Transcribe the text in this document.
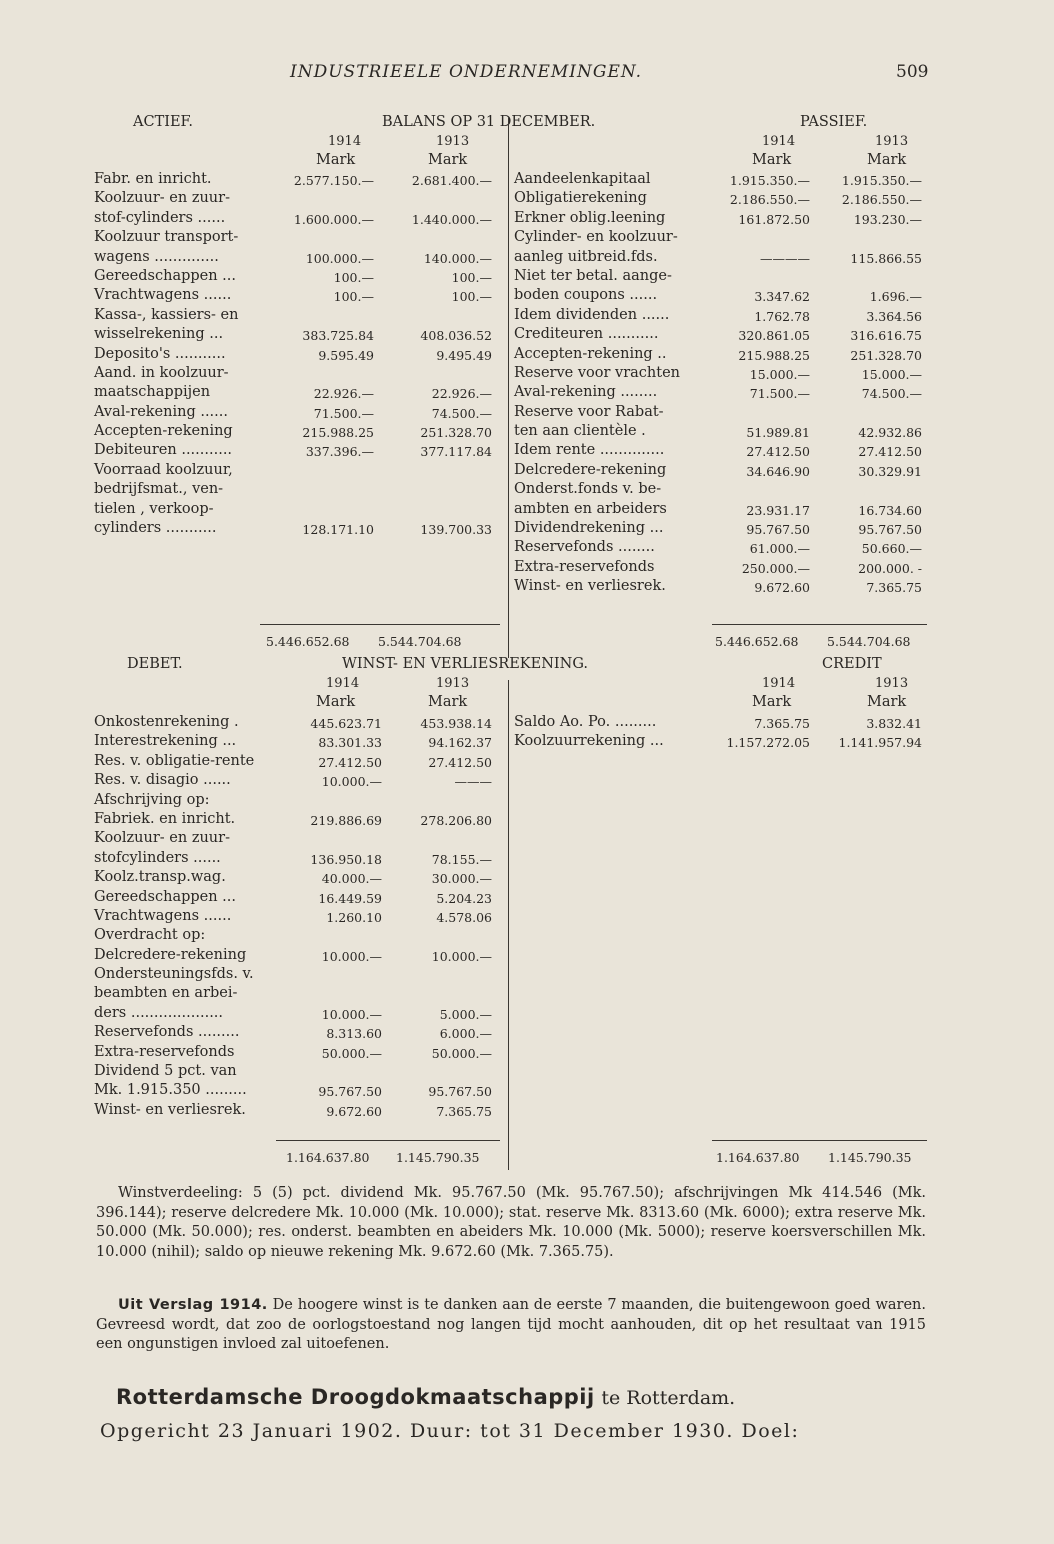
INDUSTRIEELE ONDERNEMINGEN.	509
ACTIEF.	BALANS OP 31 DECEMBER.	PASSIEF.
1914	1913	1914	1913
Mark	Mark	Mark	Mark
Fabr. en inricht.	2.577.150.—	2.681.400.—
Koolzuur- en zuur-
stof-cylinders ......	1.600.000.—	1.440.000.—
Koolzuur transport-
wagens ..............	100.000.—	140.000.—
Gereedschappen ...	100.—	100.—
Vrachtwagens ......	100.—	100.—
Kassa-, kassiers- en
wisselrekening ...	383.725.84	408.036.52
Deposito's ...........	9.595.49	9.495.49
Aand. in koolzuur-
maatschappijen	22.926.—	22.926.—
Aval-rekening ......	71.500.—	74.500.—
Accepten-rekening	215.988.25	251.328.70
Debiteuren ...........	337.396.—	377.117.84
Voorraad koolzuur,
bedrijfsmat., ven-
tielen , verkoop-
cylinders ...........	128.171.10	139.700.33
Aandeelenkapitaal	1.915.350.—	1.915.350.—
Obligatierekening	2.186.550.—	2.186.550.—
Erkner oblig.leening	161.872.50	193.230.—
Cylinder- en koolzuur-
aanleg uitbreid.fds.	————	115.866.55
Niet ter betal. aange-
boden coupons ......	3.347.62	1.696.—
Idem dividenden ......	1.762.78	3.364.56
Crediteuren ...........	320.861.05	316.616.75
Accepten-rekening ..	215.988.25	251.328.70
Reserve voor vrachten	15.000.—	15.000.—
Aval-rekening ........	71.500.—	74.500.—
Reserve voor Rabat-
ten aan clientèle .	51.989.81	42.932.86
Idem rente ..............	27.412.50	27.412.50
Delcredere-rekening	34.646.90	30.329.91
Onderst.fonds v. be-
ambten en arbeiders	23.931.17	16.734.60
Dividendrekening ...	95.767.50	95.767.50
Reservefonds ........	61.000.—	50.660.—
Extra-reservefonds	250.000.—	200.000. -
Winst- en verliesrek.	9.672.60	7.365.75
5.446.652.68 5.544.704.68	5.446.652.68 5.544.704.68
DEBET.	WINST- EN VERLIESREKENING.	CREDIT
1914	1913	1914	1913
Mark	Mark	Mark	Mark
Onkostenrekening .	445.623.71	453.938.14
Interestrekening ...	83.301.33	94.162.37
Res. v. obligatie-rente	27.412.50	27.412.50
Res. v. disagio ......	10.000.—	———
Afschrijving op:
Fabriek. en inricht.	219.886.69	278.206.80
Koolzuur- en zuur-
stofcylinders ......	136.950.18	78.155.—
Koolz.transp.wag.	40.000.—	30.000.—
Gereedschappen ...	16.449.59	5.204.23
Vrachtwagens ......	1.260.10	4.578.06
Overdracht op:
Delcredere-rekening	10.000.—	10.000.—
Ondersteuningsfds. v.
beambten en arbei-
ders ....................	10.000.—	5.000.—
Reservefonds .........	8.313.60	6.000.—
Extra-reservefonds	50.000.—	50.000.—
Dividend 5 pct. van
Mk. 1.915.350 .........	95.767.50	95.767.50
Winst- en verliesrek.	9.672.60	7.365.75
Saldo Ao. Po. .........	7.365.75	3.832.41
Koolzuurrekening ...	1.157.272.05	1.141.957.94
1.164.637.80 1.145.790.35	1.164.637.80 1.145.790.35
Winstverdeeling: 5 (5) pct. dividend Mk. 95.767.50 (Mk. 95.767.50); afschrijvingen Mk 414.546 (Mk. 396.144); reserve delcredere Mk. 10.000 (Mk. 10.000); stat. reserve Mk. 8313.60 (Mk. 6000); extra reserve Mk. 50.000 (Mk. 50.000); res. onderst. beambten en abeiders Mk. 10.000 (Mk. 5000); reserve koersverschillen Mk. 10.000 (nihil); saldo op nieuwe rekening Mk. 9.672.60 (Mk. 7.365.75).
Uit Verslag 1914. De hoogere winst is te danken aan de eerste 7 maanden, die buitengewoon goed waren. Gevreesd wordt, dat zoo de oorlogstoestand nog langen tijd mocht aanhouden, dit op het resultaat van 1915 een ongunstigen invloed zal uitoefenen.
Rotterdamsche Droogdokmaatschappij te Rotterdam.
Opgericht 23 Januari 1902. Duur: tot 31 December 1930. Doel:
